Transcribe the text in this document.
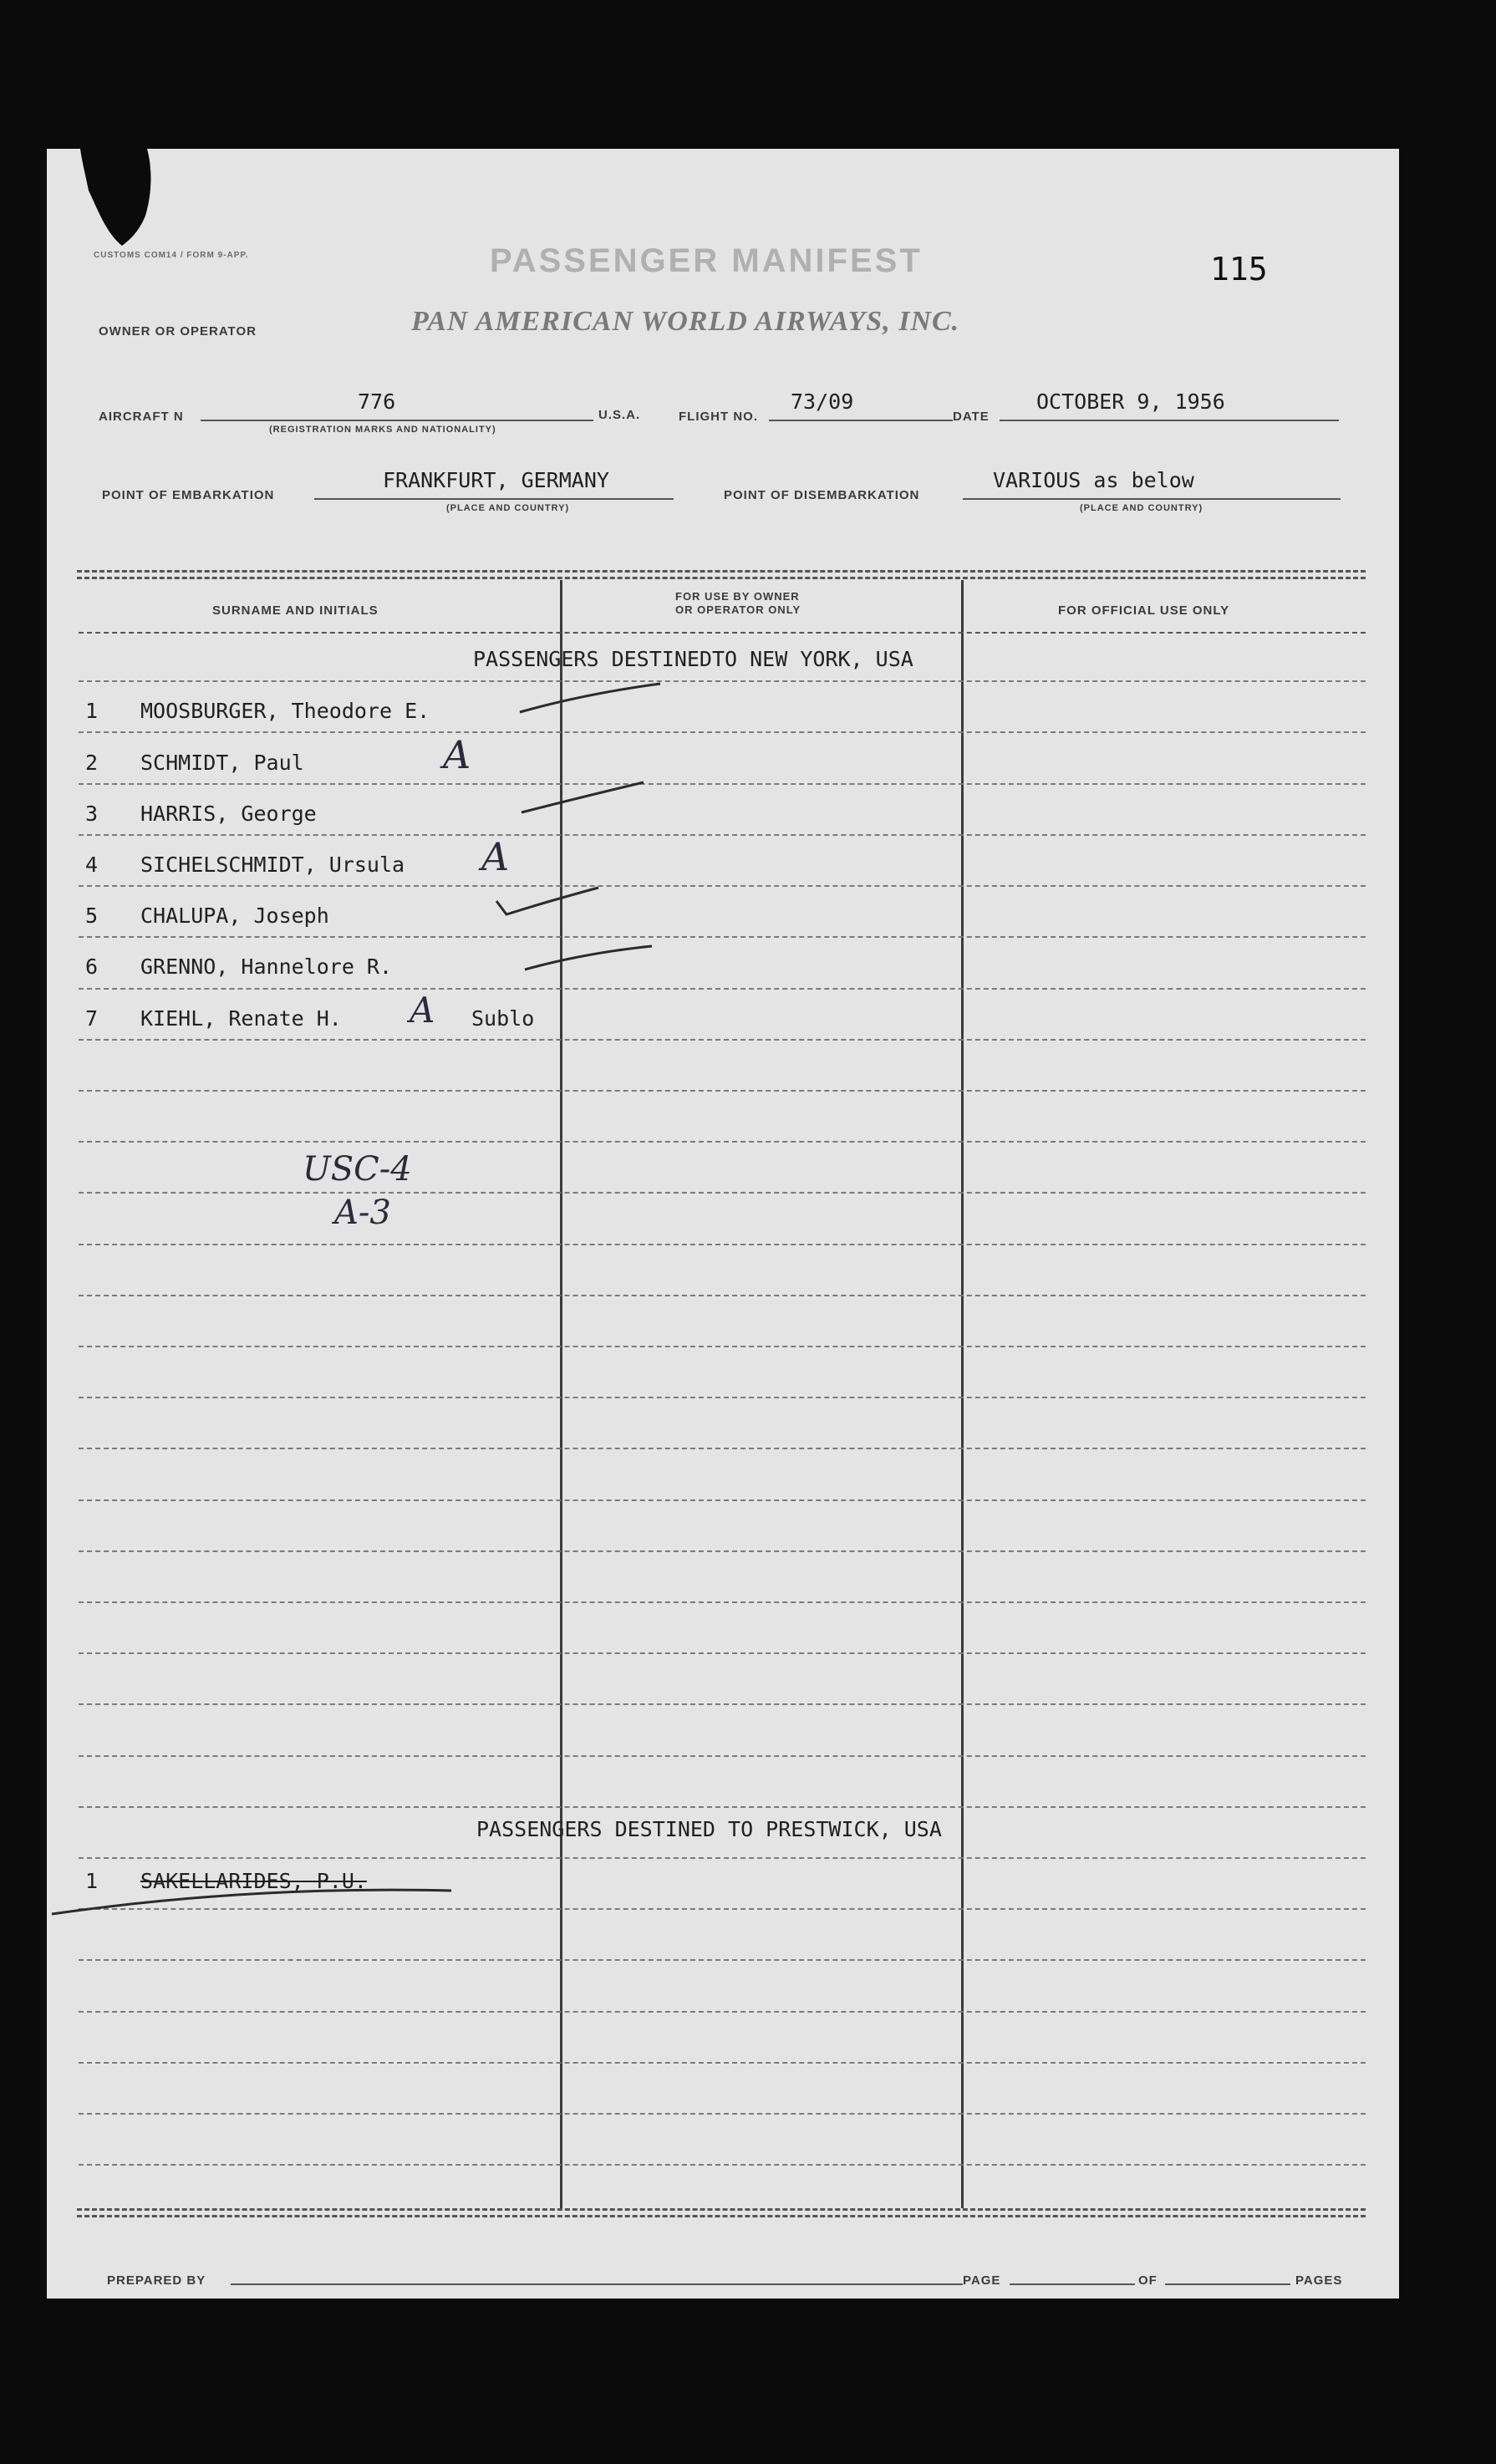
CUSTOMS COM14 / FORM 9-APP.	PASSENGER MANIFEST	115
OWNER OR OPERATOR	PAN AMERICAN WORLD AIRWAYS, INC.
AIRCRAFT N
776
(REGISTRATION MARKS AND NATIONALITY)
U.S.A.	FLIGHT NO.
73/09
DATE
OCTOBER 9, 1956
POINT OF EMBARKATION
FRANKFURT, GERMANY
(PLACE AND COUNTRY)
POINT OF DISEMBARKATION
VARIOUS as below
(PLACE AND COUNTRY)
SURNAME AND INITIALS
FOR USE BY OWNER
OR OPERATOR ONLY	FOR OFFICIAL USE ONLY
PASSENGERS DESTINEDTO NEW YORK, USA
1 MOOSBURGER, Theodore E.
2 SCHMIDT, Paul	A
3 HARRIS, George
4 SICHELSCHMIDT, Ursula A
5 CHALUPA, Joseph
6 GRENNO, Hannelore R.
7 KIEHL, Renate H. A Sublo
USC-4
A-3
PASSENGERS DESTINED TO PRESTWICK, USA
1 SAKELLARIDES, P.U.
PREPARED BY	PAGE	OF	PAGES
